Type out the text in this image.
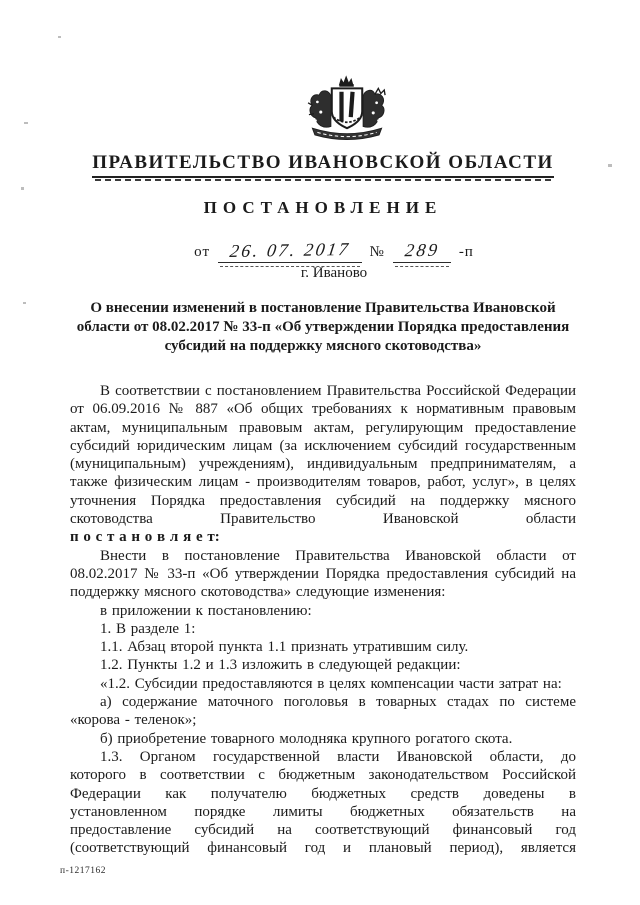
ПРАВИТЕЛЬСТВО ИВАНОВСКОЙ ОБЛАСТИ
ПОСТАНОВЛЕНИЕ
от 26. 07. 2017 № 289 -п
г. Иваново
О внесении изменений в постановление Правительства Ивановской области от 08.02.2017 № 33-п «Об утверждении Порядка предоставления субсидий на поддержку мясного скотоводства»

В соответствии с постановлением Правительства Российской Федерации от 06.09.2016 № 887 «Об общих требованиях к нормативным правовым актам, муниципальным правовым актам, регулирующим предоставление субсидий юридическим лицам (за исключением субсидий государственным (муниципальным) учреждениям), индивидуальным предпринимателям, а также физическим лицам - производителям товаров, работ, услуг», в целях уточнения Порядка предоставления субсидий на поддержку мясного скотоводства Правительство Ивановской области

п о с т а н о в л я е т:

Внести в постановление Правительства Ивановской области от 08.02.2017 № 33-п «Об утверждении Порядка предоставления субсидий на поддержку мясного скотоводства» следующие изменения:

в приложении к постановлению:

1. В разделе 1:

1.1. Абзац второй пункта 1.1 признать утратившим силу.

1.2. Пункты 1.2 и 1.3 изложить в следующей редакции:

«1.2. Субсидии предоставляются в целях компенсации части затрат на:

а) содержание маточного поголовья в товарных стадах по системе «корова - теленок»;

б) приобретение товарного молодняка крупного рогатого скота.

1.3. Органом государственной власти Ивановской области, до которого в соответствии с бюджетным законодательством Российской Федерации как получателю бюджетных средств доведены в установленном порядке лимиты бюджетных обязательств на предоставление субсидий на соответствующий финансовый год (соответствующий финансовый год и плановый период), является

п-1217162
